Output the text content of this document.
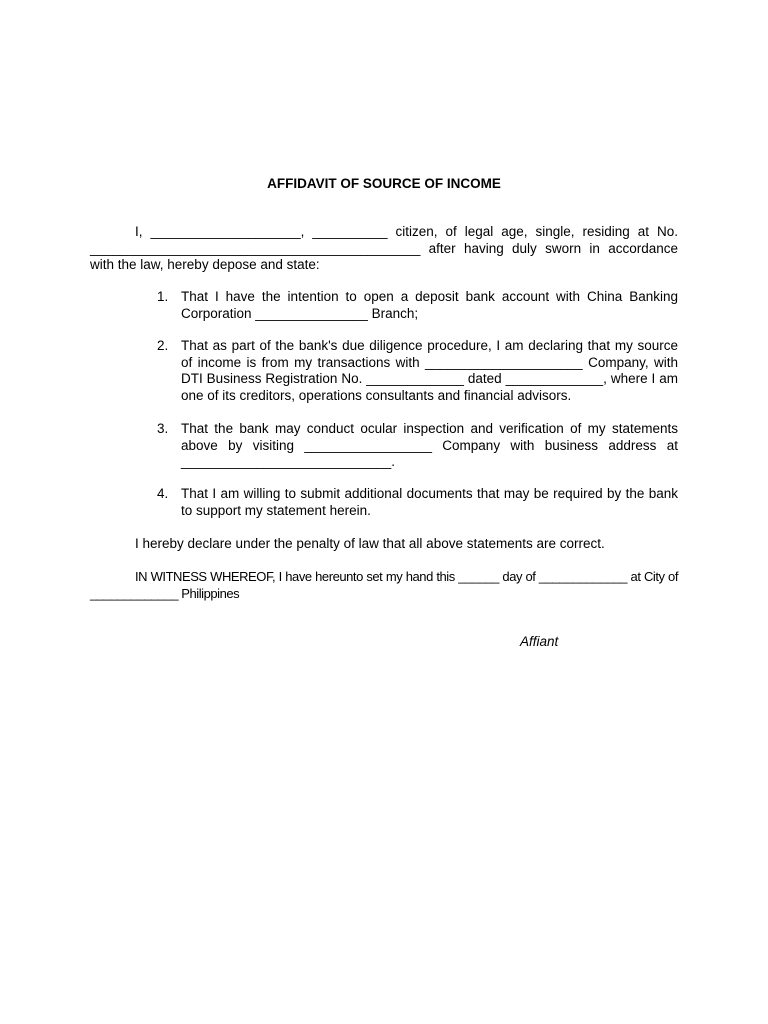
AFFIDAVIT OF SOURCE OF INCOME
I, ____________________, __________ citizen, of legal age, single, residing at No. ____________________________________________ after having duly sworn in accordance with the law, hereby depose and state:
1. That I have the intention to open a deposit bank account with China Banking Corporation _______________ Branch;
2. That as part of the bank's due diligence procedure, I am declaring that my source of income is from my transactions with _____________________ Company, with DTI Business Registration No. _____________ dated _____________, where I am one of its creditors, operations consultants and financial advisors.
3. That the bank may conduct ocular inspection and verification of my statements above by visiting _________________ Company with business address at ____________________________.
4. That I am willing to submit additional documents that may be required by the bank to support my statement herein.
I hereby declare under the penalty of law that all above statements are correct.
IN WITNESS WHEREOF, I have hereunto set my hand this ______ day of _____________ at City of _____________ Philippines
Affiant
